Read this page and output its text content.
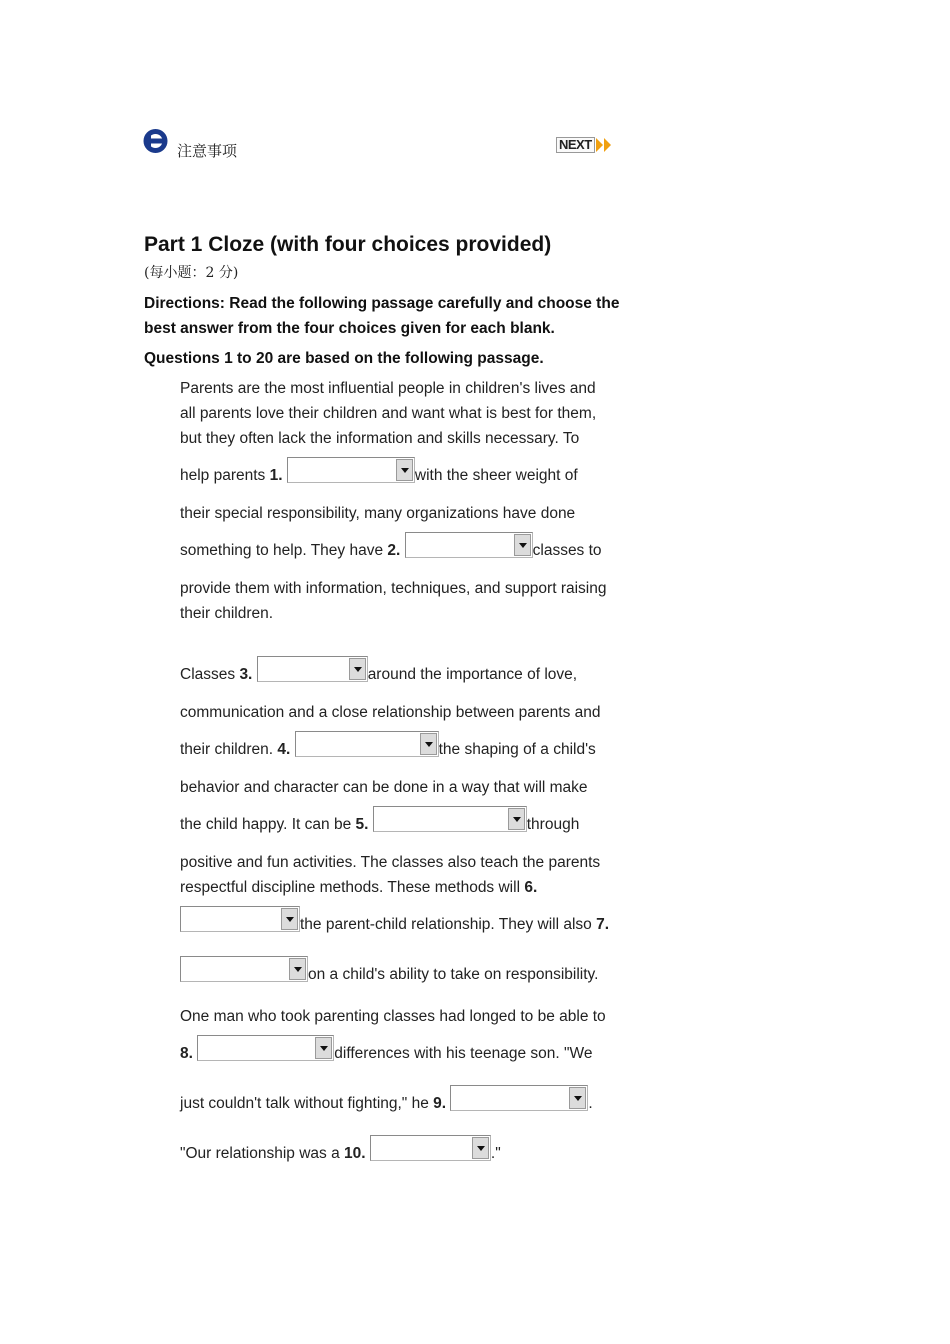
注意事项	NEXT
Part 1 Cloze (with four choices provided)
(每小题：2 分)
Directions: Read the following passage carefully and choose the best answer from the four choices given for each blank.
Questions 1 to 20 are based on the following passage.
Parents are the most influential people in children's lives and
all parents love their children and want what is best for them,
but they often lack the information and skills necessary. To
help parents 1.	with the sheer weight of
their special responsibility, many organizations have done
something to help. They have 2.	classes to
provide them with information, techniques, and support raising
their children.
Classes 3.	around the importance of love,
communication and a close relationship between parents and
their children. 4.	the shaping of a child's
behavior and character can be done in a way that will make
the child happy. It can be 5.	through
positive and fun activities. The classes also teach the parents
respectful discipline methods. These methods will 6.
the parent-child relationship. They will also 7.
on a child's ability to take on responsibility.
One man who took parenting classes had longed to be able to
8.	differences with his teenage son. "We
just couldn't talk without fighting," he 9.	.
"Our relationship was a 10.	."
